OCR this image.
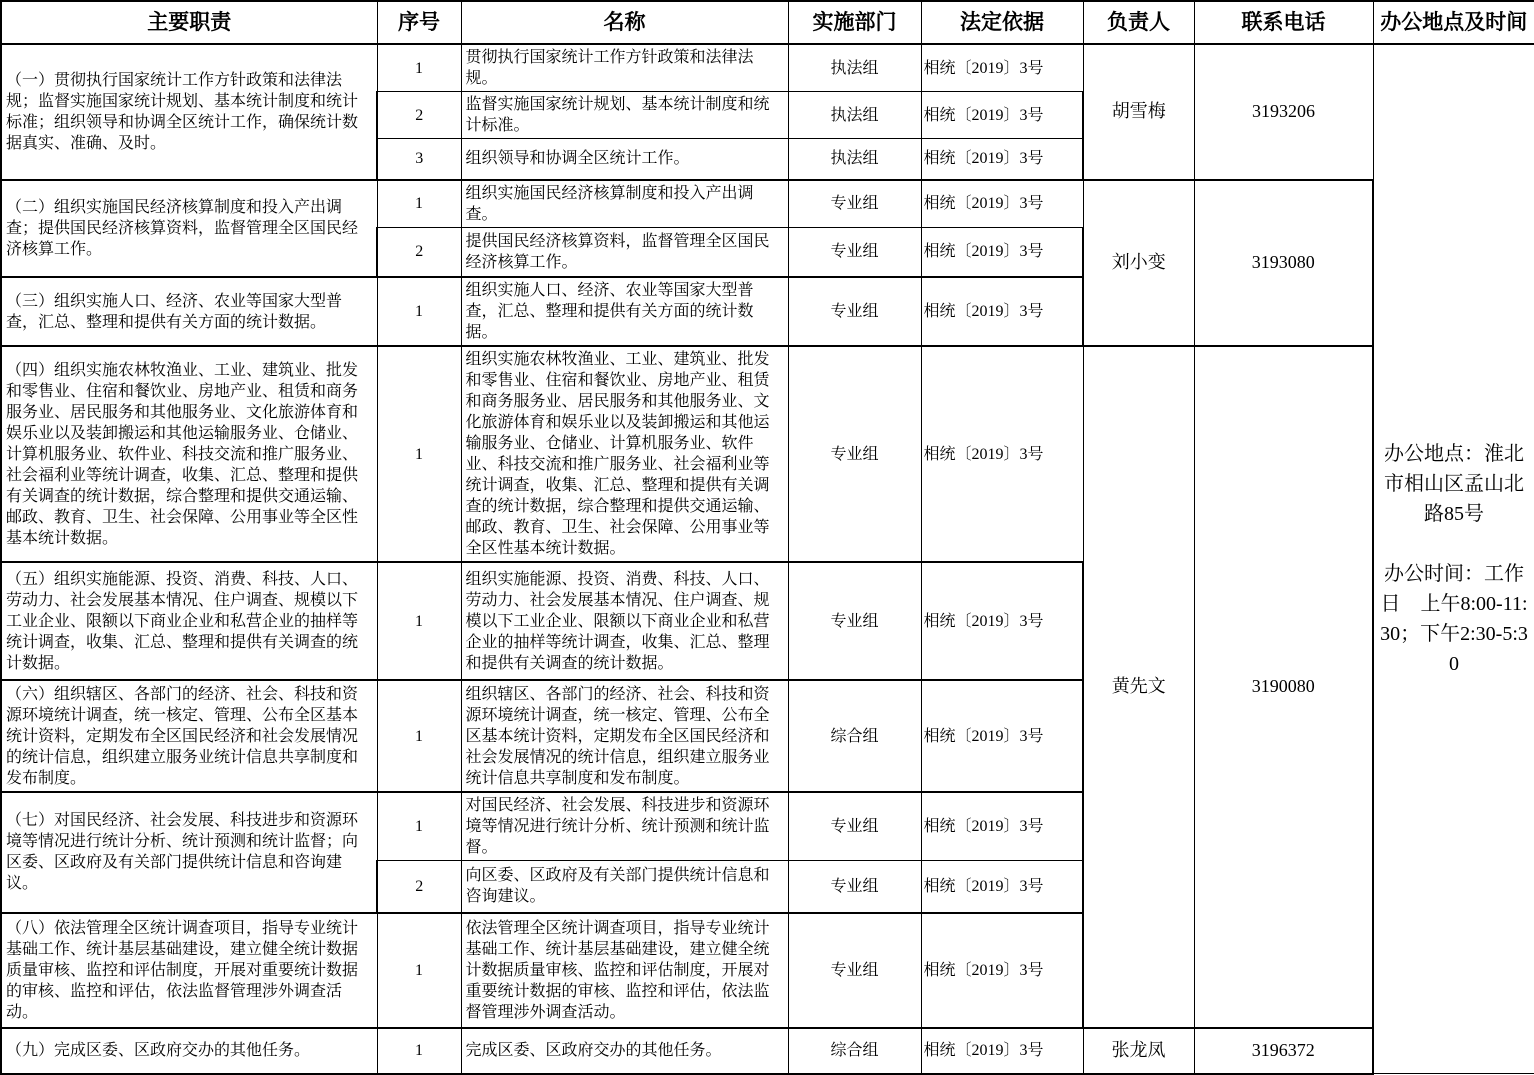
主要职责	序号	名称	实施部门	法定依据	负责人	联系电话	办公地点及时间
（一）贯彻执行国家统计工作方针政策和法律法规；监督实施国家统计规划、基本统计制度和统计标准；组织领导和协调全区统计工作，确保统计数据真实、准确、及时。	1	贯彻执行国家统计工作方针政策和法律法规。	执法组	相统〔2019〕3号	胡雪梅	3193206	办公地点：淮北市相山区孟山北路85号
办公时间：工作日　上午8:00-11:30；下午2:30-5:30

	2	监督实施国家统计规划、基本统计制度和统计标准。	执法组	相统〔2019〕3号			
	3	组织领导和协调全区统计工作。	执法组	相统〔2019〕3号			
（二）组织实施国民经济核算制度和投入产出调查；提供国民经济核算资料，监督管理全区国民经济核算工作。	1	组织实施国民经济核算制度和投入产出调查。	专业组	相统〔2019〕3号	刘小变	3193080	
	2	提供国民经济核算资料，监督管理全区国民经济核算工作。	专业组	相统〔2019〕3号			
（三）组织实施人口、经济、农业等国家大型普查，汇总、整理和提供有关方面的统计数据。	1	组织实施人口、经济、农业等国家大型普查，汇总、整理和提供有关方面的统计数据。	专业组	相统〔2019〕3号			
（四）组织实施农林牧渔业、工业、建筑业、批发和零售业、住宿和餐饮业、房地产业、租赁和商务服务业、居民服务和其他服务业、文化旅游体育和娱乐业以及装卸搬运和其他运输服务业、仓储业、计算机服务业、软件业、科技交流和推广服务业、社会福利业等统计调查，收集、汇总、整理和提供有关调查的统计数据，综合整理和提供交通运输、邮政、教育、卫生、社会保障、公用事业等全区性基本统计数据。	1	组织实施农林牧渔业、工业、建筑业、批发和零售业、住宿和餐饮业、房地产业、租赁和商务服务业、居民服务和其他服务业、文化旅游体育和娱乐业以及装卸搬运和其他运输服务业、仓储业、计算机服务业、软件业、科技交流和推广服务业、社会福利业等统计调查，收集、汇总、整理和提供有关调查的统计数据，综合整理和提供交通运输、邮政、教育、卫生、社会保障、公用事业等全区性基本统计数据。	专业组	相统〔2019〕3号	黄先文	3190080	
（五）组织实施能源、投资、消费、科技、人口、劳动力、社会发展基本情况、住户调查、规模以下工业企业、限额以下商业企业和私营企业的抽样等统计调查，收集、汇总、整理和提供有关调查的统计数据。	1	组织实施能源、投资、消费、科技、人口、劳动力、社会发展基本情况、住户调查、规模以下工业企业、限额以下商业企业和私营企业的抽样等统计调查，收集、汇总、整理和提供有关调查的统计数据。	专业组	相统〔2019〕3号			
（六）组织辖区、各部门的经济、社会、科技和资源环境统计调查，统一核定、管理、公布全区基本统计资料，定期发布全区国民经济和社会发展情况的统计信息，组织建立服务业统计信息共享制度和发布制度。	1	组织辖区、各部门的经济、社会、科技和资源环境统计调查，统一核定、管理、公布全区基本统计资料，定期发布全区国民经济和社会发展情况的统计信息，组织建立服务业统计信息共享制度和发布制度。	综合组	相统〔2019〕3号			
（七）对国民经济、社会发展、科技进步和资源环境等情况进行统计分析、统计预测和统计监督；向区委、区政府及有关部门提供统计信息和咨询建议。	1	对国民经济、社会发展、科技进步和资源环境等情况进行统计分析、统计预测和统计监督。	专业组	相统〔2019〕3号			
	2	向区委、区政府及有关部门提供统计信息和咨询建议。	专业组	相统〔2019〕3号			
（八）依法管理全区统计调查项目，指导专业统计基础工作、统计基层基础建设，建立健全统计数据质量审核、监控和评估制度，开展对重要统计数据的审核、监控和评估，依法监督管理涉外调查活动。	1	依法管理全区统计调查项目，指导专业统计基础工作、统计基层基础建设，建立健全统计数据质量审核、监控和评估制度，开展对重要统计数据的审核、监控和评估，依法监督管理涉外调查活动。	专业组	相统〔2019〕3号			
（九）完成区委、区政府交办的其他任务。	1	完成区委、区政府交办的其他任务。	综合组	相统〔2019〕3号	张龙凤	3196372	
